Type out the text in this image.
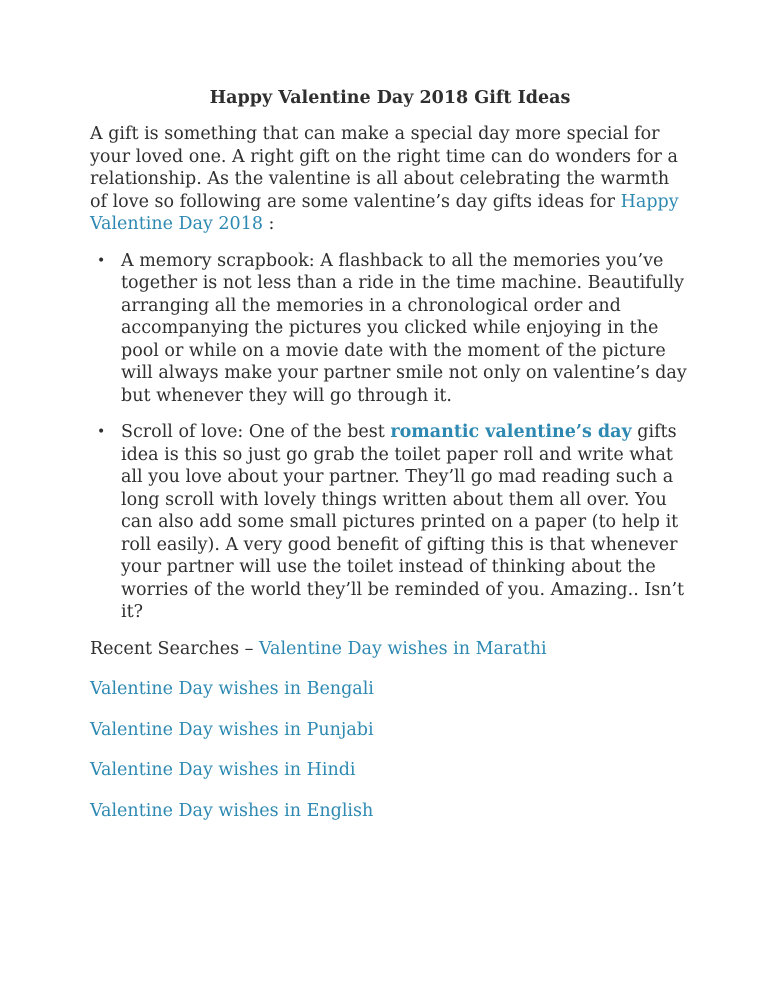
Happy Valentine Day 2018 Gift Ideas

A gift is something that can make a special day more special for your loved one. A right gift on the right time can do wonders for a relationship. As the valentine is all about celebrating the warmth of love so following are some valentine’s day gifts ideas for Happy Valentine Day 2018 :

• A memory scrapbook: A flashback to all the memories you’ve together is not less than a ride in the time machine. Beautifully arranging all the memories in a chronological order and accompanying the pictures you clicked while enjoying in the pool or while on a movie date with the moment of the picture will always make your partner smile not only on valentine’s day but whenever they will go through it.
• Scroll of love: One of the best romantic valentine’s day gifts idea is this so just go grab the toilet paper roll and write what all you love about your partner. They’ll go mad reading such a long scroll with lovely things written about them all over. You can also add some small pictures printed on a paper (to help it roll easily). A very good benefit of gifting this is that whenever your partner will use the toilet instead of thinking about the worries of the world they’ll be reminded of you. Amazing.. Isn’t it?

Recent Searches – Valentine Day wishes in Marathi

Valentine Day wishes in Bengali
Valentine Day wishes in Punjabi
Valentine Day wishes in Hindi
Valentine Day wishes in English
